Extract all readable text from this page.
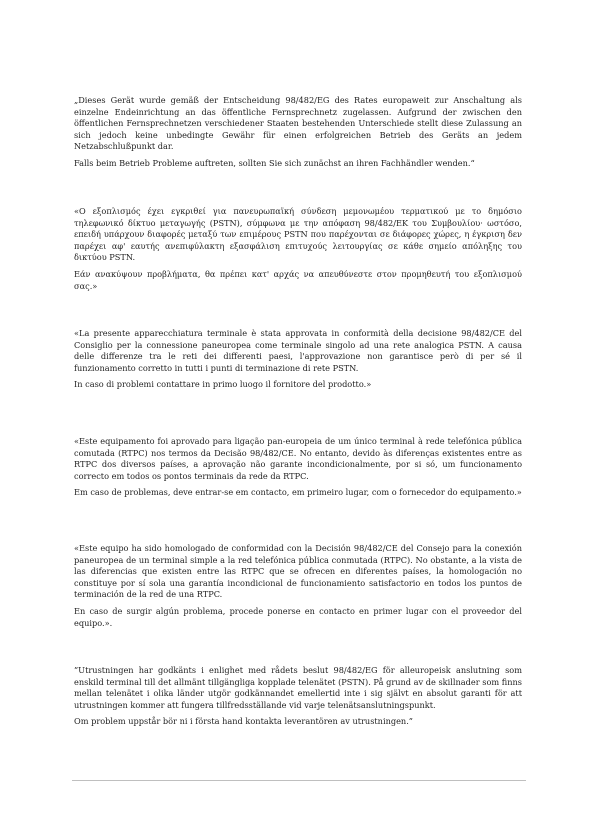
„Dieses Gerät wurde gemäß der Entscheidung 98/482/EG des Rates europaweit zur Anschaltung als einzelne Endeinrichtung an das öffentliche Fernsprechnetz zugelassen. Aufgrund der zwischen den öffentlichen Fernsprechnetzen verschiedener Staaten bestehenden Unterschiede stellt diese Zulassung an sich jedoch keine unbedingte Gewähr für einen erfolgreichen Betrieb des Geräts an jedem Netzabschlußpunkt dar.

Falls beim Betrieb Probleme auftreten, sollten Sie sich zunächst an ihren Fachhändler wenden.“

«Ο εξοπλισμός έχει εγκριθεί για πανευρωπαϊκή σύνδεση μεμονωμέου τερματικού με το δημόσιο τηλεφωνικό δίκτυο μεταγωγής (PSTN), σύμφωνα με την απόφαση 98/482/ΕΚ του Συμβουλίου· ωστόσο, επειδή υπάρχουν διαφορές μεταξύ των επιμέρους PSTN που παρέχονται σε διάφορες χώρες, η έγκριση δεν παρέχει αφ' εαυτής ανεπιφύλακτη εξασφάλιση επιτυχούς λειτουργίας σε κάθε σημείο απόληξης του δικτύου PSTN.

Εάν ανακύψουν προβλήματα, θα πρέπει κατ' αρχάς να απευθύνεστε στον προμηθευτή του εξοπλισμού σας.»

«La presente apparecchiatura terminale è stata approvata in conformità della decisione 98/482/CE del Consiglio per la connessione paneuropea come terminale singolo ad una rete analogica PSTN. A causa delle differenze tra le reti dei differenti paesi, l'approvazione non garantisce però di per sé il funzionamento corretto in tutti i punti di terminazione di rete PSTN.

In caso di problemi contattare in primo luogo il fornitore del prodotto.»

«Este equipamento foi aprovado para ligação pan-europeia de um único terminal à rede telefónica pública comutada (RTPC) nos termos da Decisão 98/482/CE. No entanto, devido às diferenças existentes entre as RTPC dos diversos países, a aprovação não garante incondicionalmente, por si só, um funcionamento correcto em todos os pontos terminais da rede da RTPC.

Em caso de problemas, deve entrar-se em contacto, em primeiro lugar, com o fornecedor do equipamento.»

«Este equipo ha sido homologado de conformidad con la Decisión 98/482/CE del Consejo para la conexión paneuropea de un terminal simple a la red telefónica pública conmutada (RTPC). No obstante, a la vista de las diferencias que existen entre las RTPC que se ofrecen en diferentes países, la homologación no constituye por sí sola una garantía incondicional de funcionamiento satisfactorio en todos los puntos de terminación de la red de una RTPC.

En caso de surgir algún problema, procede ponerse en contacto en primer lugar con el proveedor del equipo.».

”Utrustningen har godkänts i enlighet med rådets beslut 98/482/EG för alleuropeisk anslutning som enskild terminal till det allmänt tillgängliga kopplade telenätet (PSTN). På grund av de skillnader som finns mellan telenätet i olika länder utgör godkännandet emellertid inte i sig självt en absolut garanti för att utrustningen kommer att fungera tillfredsställande vid varje telenätsanslutningspunkt.

Om problem uppstår bör ni i första hand kontakta leverantören av utrustningen.”
